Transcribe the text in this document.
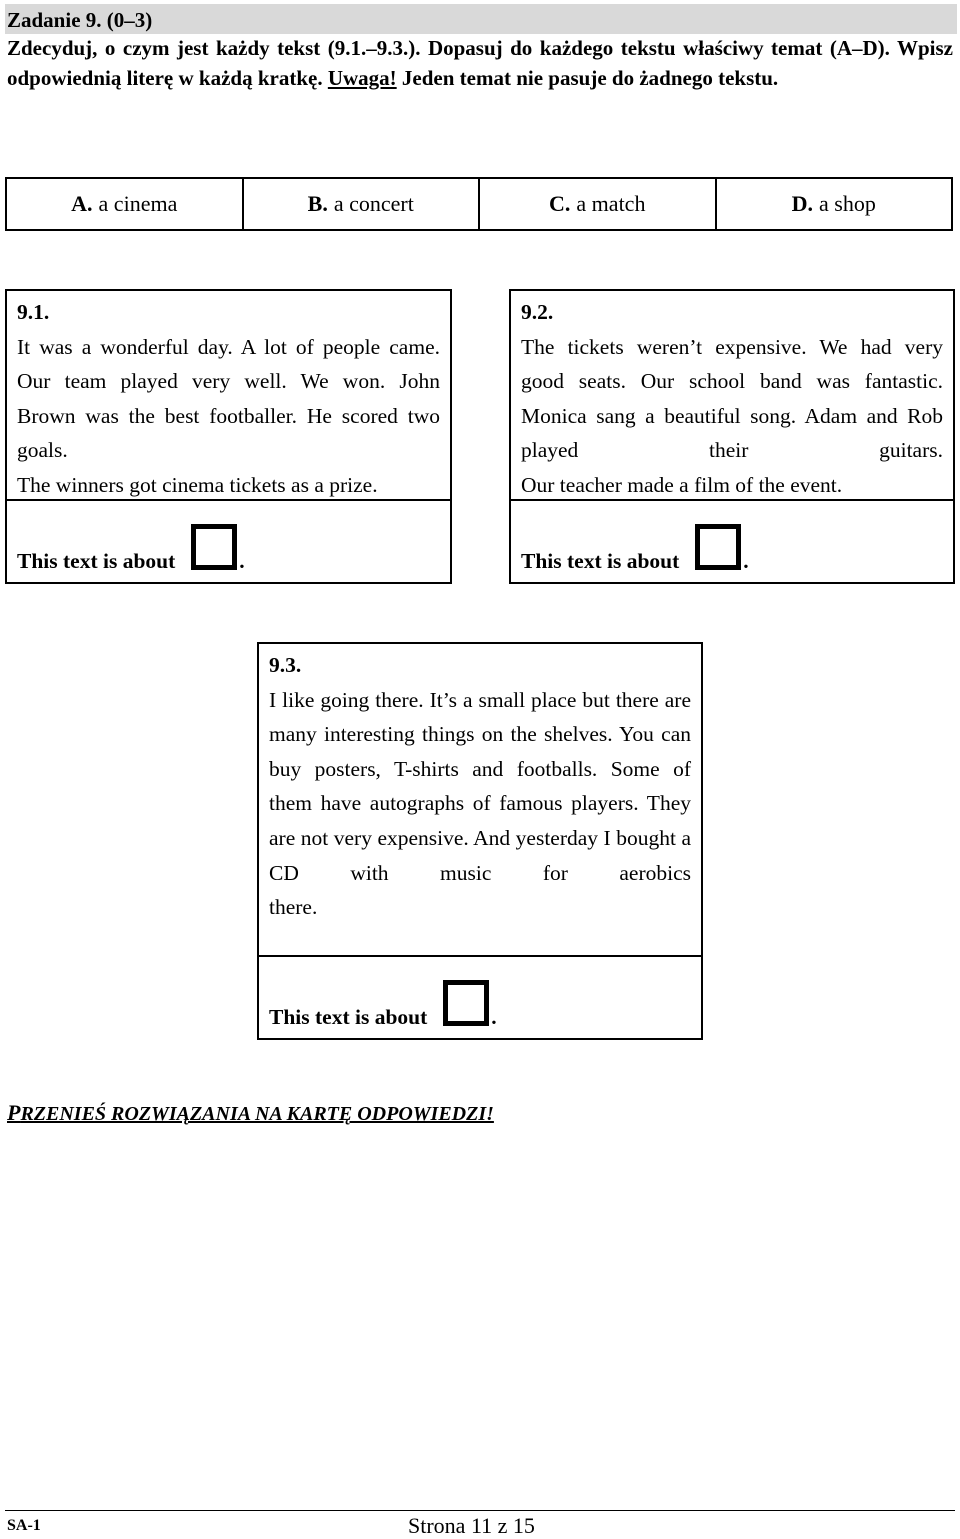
Zadanie 9. (0–3)
Zdecyduj, o czym jest każdy tekst (9.1.–9.3.). Dopasuj do każdego tekstu właściwy temat (A–D). Wpisz odpowiednią literę w każdą kratkę. Uwaga! Jeden temat nie pasuje do żadnego tekstu.
A. a cinema	B. a concert	C. a match	D. a shop
9.1.
It was a wonderful day. A lot of people came. Our team played very well. We won. John Brown was the best footballer. He scored two goals.
The winners got cinema tickets as a prize.
This text is about	.
9.2.
The tickets weren’t expensive. We had very good seats. Our school band was fantastic. Monica sang a beautiful song. Adam and Rob played their guitars.
Our teacher made a film of the event.
This text is about	.
9.3.
I like going there. It’s a small place but there are many interesting things on the shelves. You can buy posters, T-shirts and footballs. Some of them have autographs of famous players. They are not very expensive. And yesterday I bought a CD with music for aerobics
there.
This text is about	.
PRZENIEŚ ROZWIĄZANIA NA KARTĘ ODPOWIEDZI!
SA-1	Strona 11 z 15
